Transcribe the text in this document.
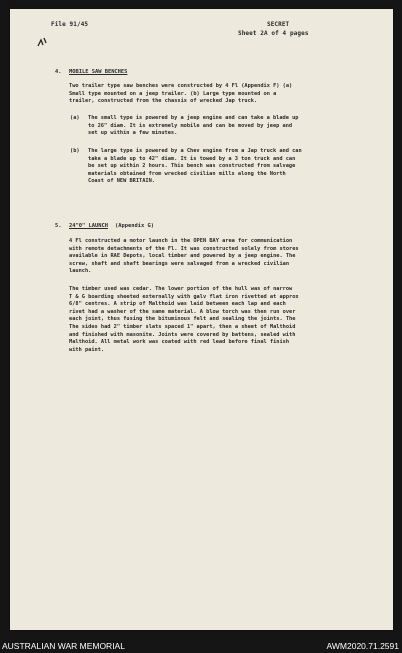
File 91/45	SECRET
Sheet 2A of 4 pages
4. MOBILE SAW BENCHES
Two trailer type saw benches were constructed by 4 Fl (Appendix F) (a)
Small type mounted on a jeep trailer. (b) Large type mounted on a
trailer, constructed from the chassis of wrecked Jap truck.
(a) The small type is powered by a jeep engine and can take a blade up
to 26" diam. It is extremely mobile and can be moved by jeep and
set up within a few minutes.
(b) The large type is powered by a Chev engine from a Jap truck and can
take a blade up to 42" diam. It is towed by a 3 ton truck and can
be set up within 2 hours. This bench was constructed from salvage
materials obtained from wrecked civilian mills along the North
Coast of NEW BRITAIN.
5. 24"0" LAUNCH (Appendix G)
4 Fl constructed a motor launch in the OPEN BAY area for communication
with remote detachments of the Fl. It was constructed solely from stores
available in RAE Depots, local timber and powered by a jeep engine. The
screw, shaft and shaft bearings were salvaged from a wrecked civilian
launch.
The timber used was cedar. The lower portion of the hull was of narrow
T & G boarding sheeted externally with galv flat iron rivetted at approx
6/8" centres. A strip of Malthoid was laid between each lap and each
rivet had a washer of the same material. A blow torch was then run over
each joint, thus fusing the bituminous felt and sealing the joints. The
The sides had 2" timber slats spaced 1" apart, then a sheet of Malthoid
and finished with masonite. Joints were covered by battens, sealed with
Malthoid. All metal work was coated with red lead before final finish
with paint.
AUSTRALIAN WAR MEMORIAL	AWM2020.71.2591
